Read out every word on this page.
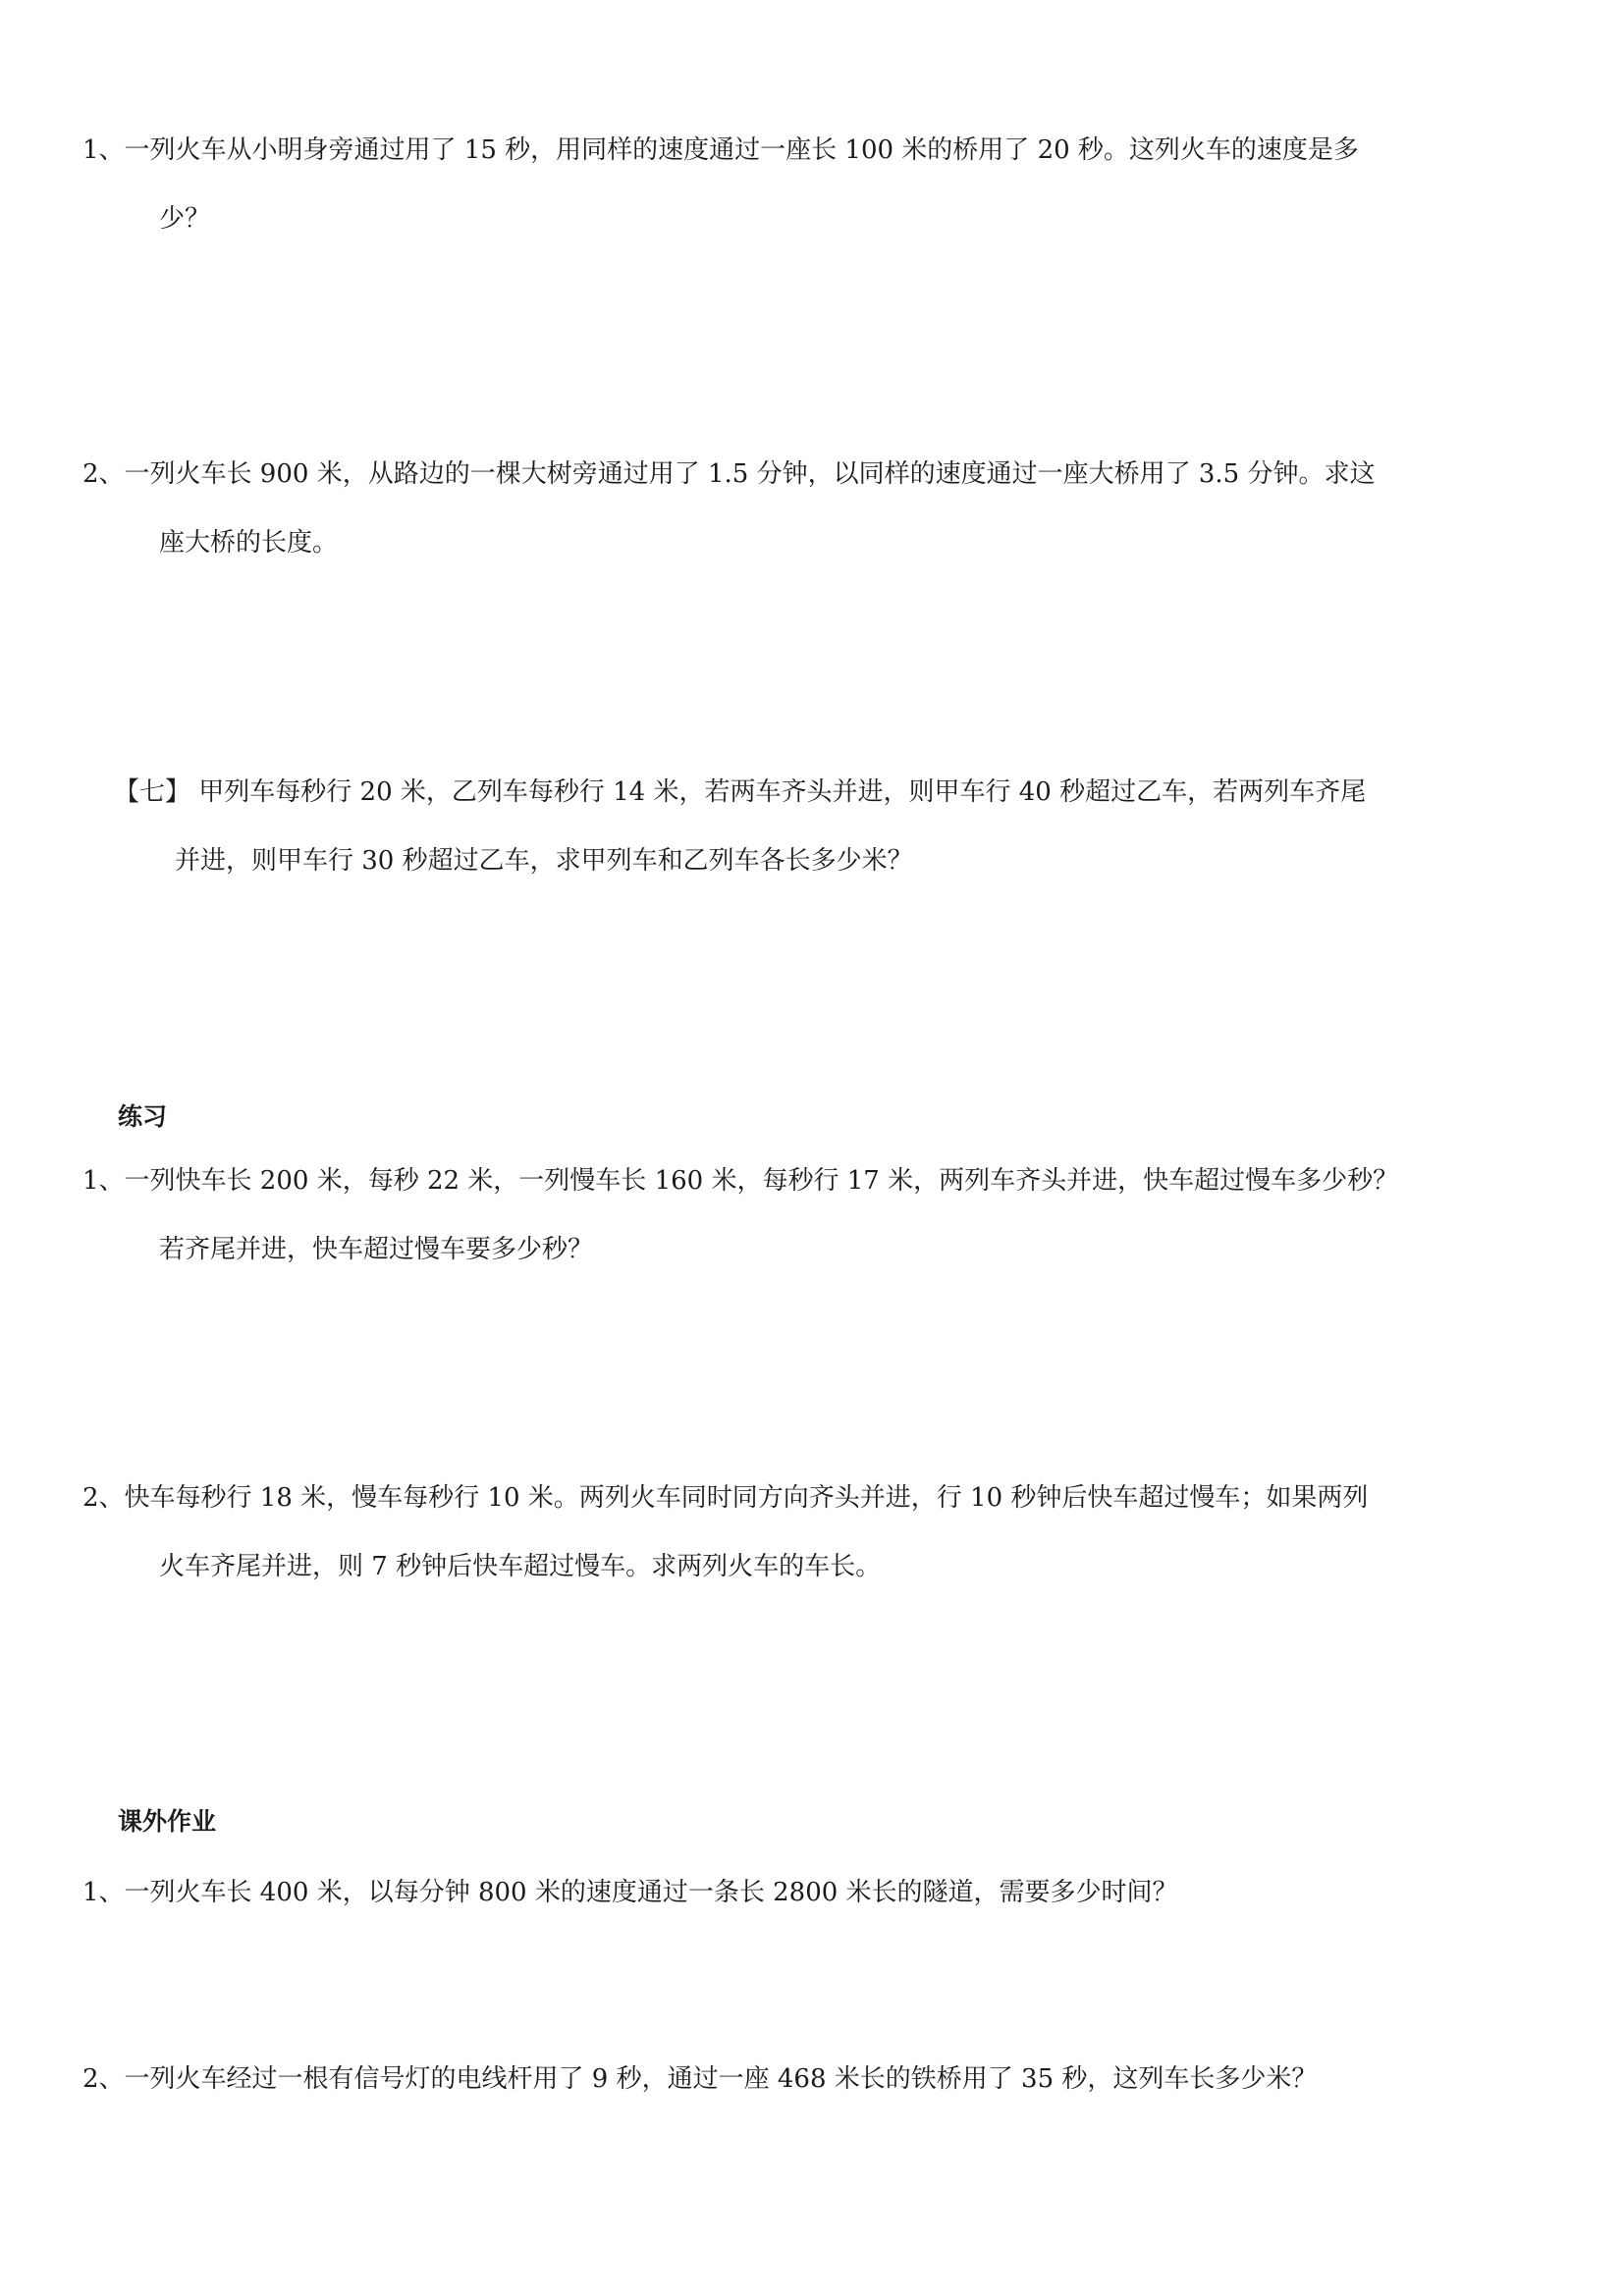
1、一列火车从小明身旁通过用了 15 秒，用同样的速度通过一座长 100 米的桥用了 20 秒。这列火车的速度是多
少？

2、一列火车长 900 米，从路边的一棵大树旁通过用了 1.5 分钟，以同样的速度通过一座大桥用了 3.5 分钟。求这
座大桥的长度。

【七】 甲列车每秒行 20 米，乙列车每秒行 14 米，若两车齐头并进，则甲车行 40 秒超过乙车，若两列车齐尾
并进，则甲车行 30 秒超过乙车，求甲列车和乙列车各长多少米？

练习

1、一列快车长 200 米，每秒 22 米，一列慢车长 160 米，每秒行 17 米，两列车齐头并进，快车超过慢车多少秒？
若齐尾并进，快车超过慢车要多少秒？

2、快车每秒行 18 米，慢车每秒行 10 米。两列火车同时同方向齐头并进，行 10 秒钟后快车超过慢车；如果两列
火车齐尾并进，则 7 秒钟后快车超过慢车。求两列火车的车长。

课外作业

1、一列火车长 400 米，以每分钟 800 米的速度通过一条长 2800 米长的隧道，需要多少时间？

2、一列火车经过一根有信号灯的电线杆用了 9 秒，通过一座 468 米长的铁桥用了 35 秒，这列车长多少米？
